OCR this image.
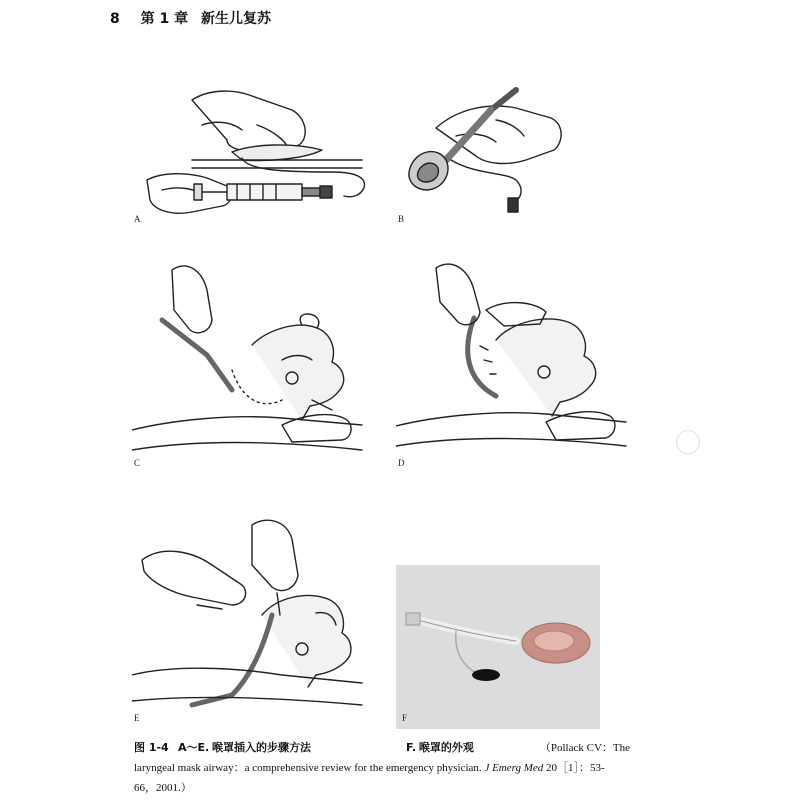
8 第 1 章 新生儿复苏
A	B
C	D
E	F
图 1-4 A～E. 喉罩插入的步骤方法	F. 喉罩的外观	（Pollack CV：The
laryngeal mask airway：a comprehensive review for the emergency physician. J Emerg Med 20［1］：53-
66，2001.）
